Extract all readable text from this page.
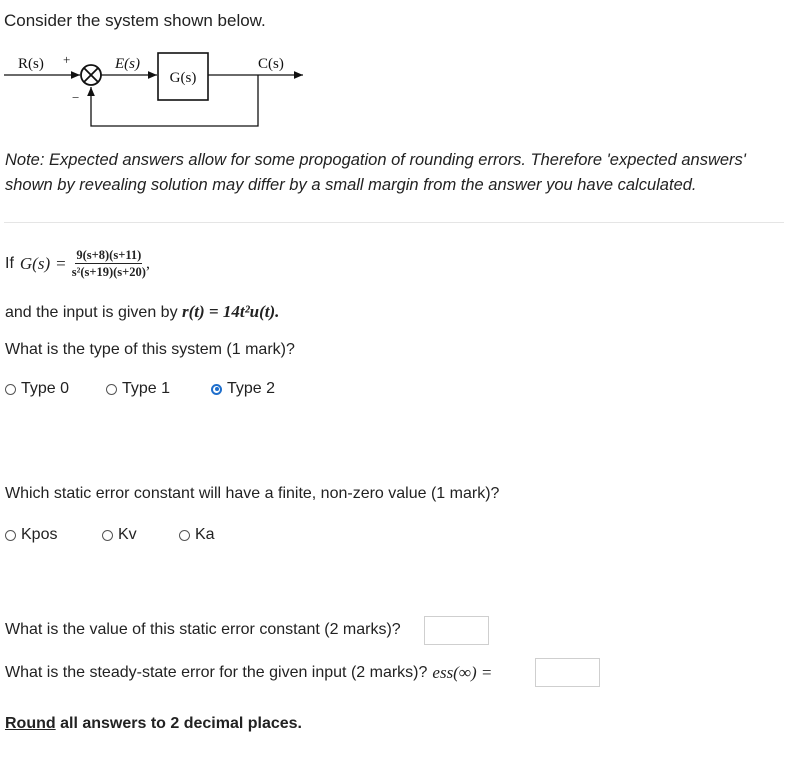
Consider the system shown below.
R(s) +
−
E(s)
G(s)
C(s)
Note: Expected answers allow for some propogation of rounding errors. Therefore 'expected answers' shown by revealing solution may differ by a small margin from the answer you have calculated.
If $G(s) = \frac{9(s+8)(s+11)}{\text{s²(s+19)(s+20)}}$ ,
and the input is given by r(t) = 14t²u(t).
What is the type of this system (1 mark)?
Type 0	Type 1	Type 2
Which static error constant will have a finite, non-zero value (1 mark)?
Kpos	Kv	Ka
What is the value of this static error constant (2 marks)?
What is the steady-state error for the given input (2 marks)? ess(∞) =
Round all answers to 2 decimal places.
